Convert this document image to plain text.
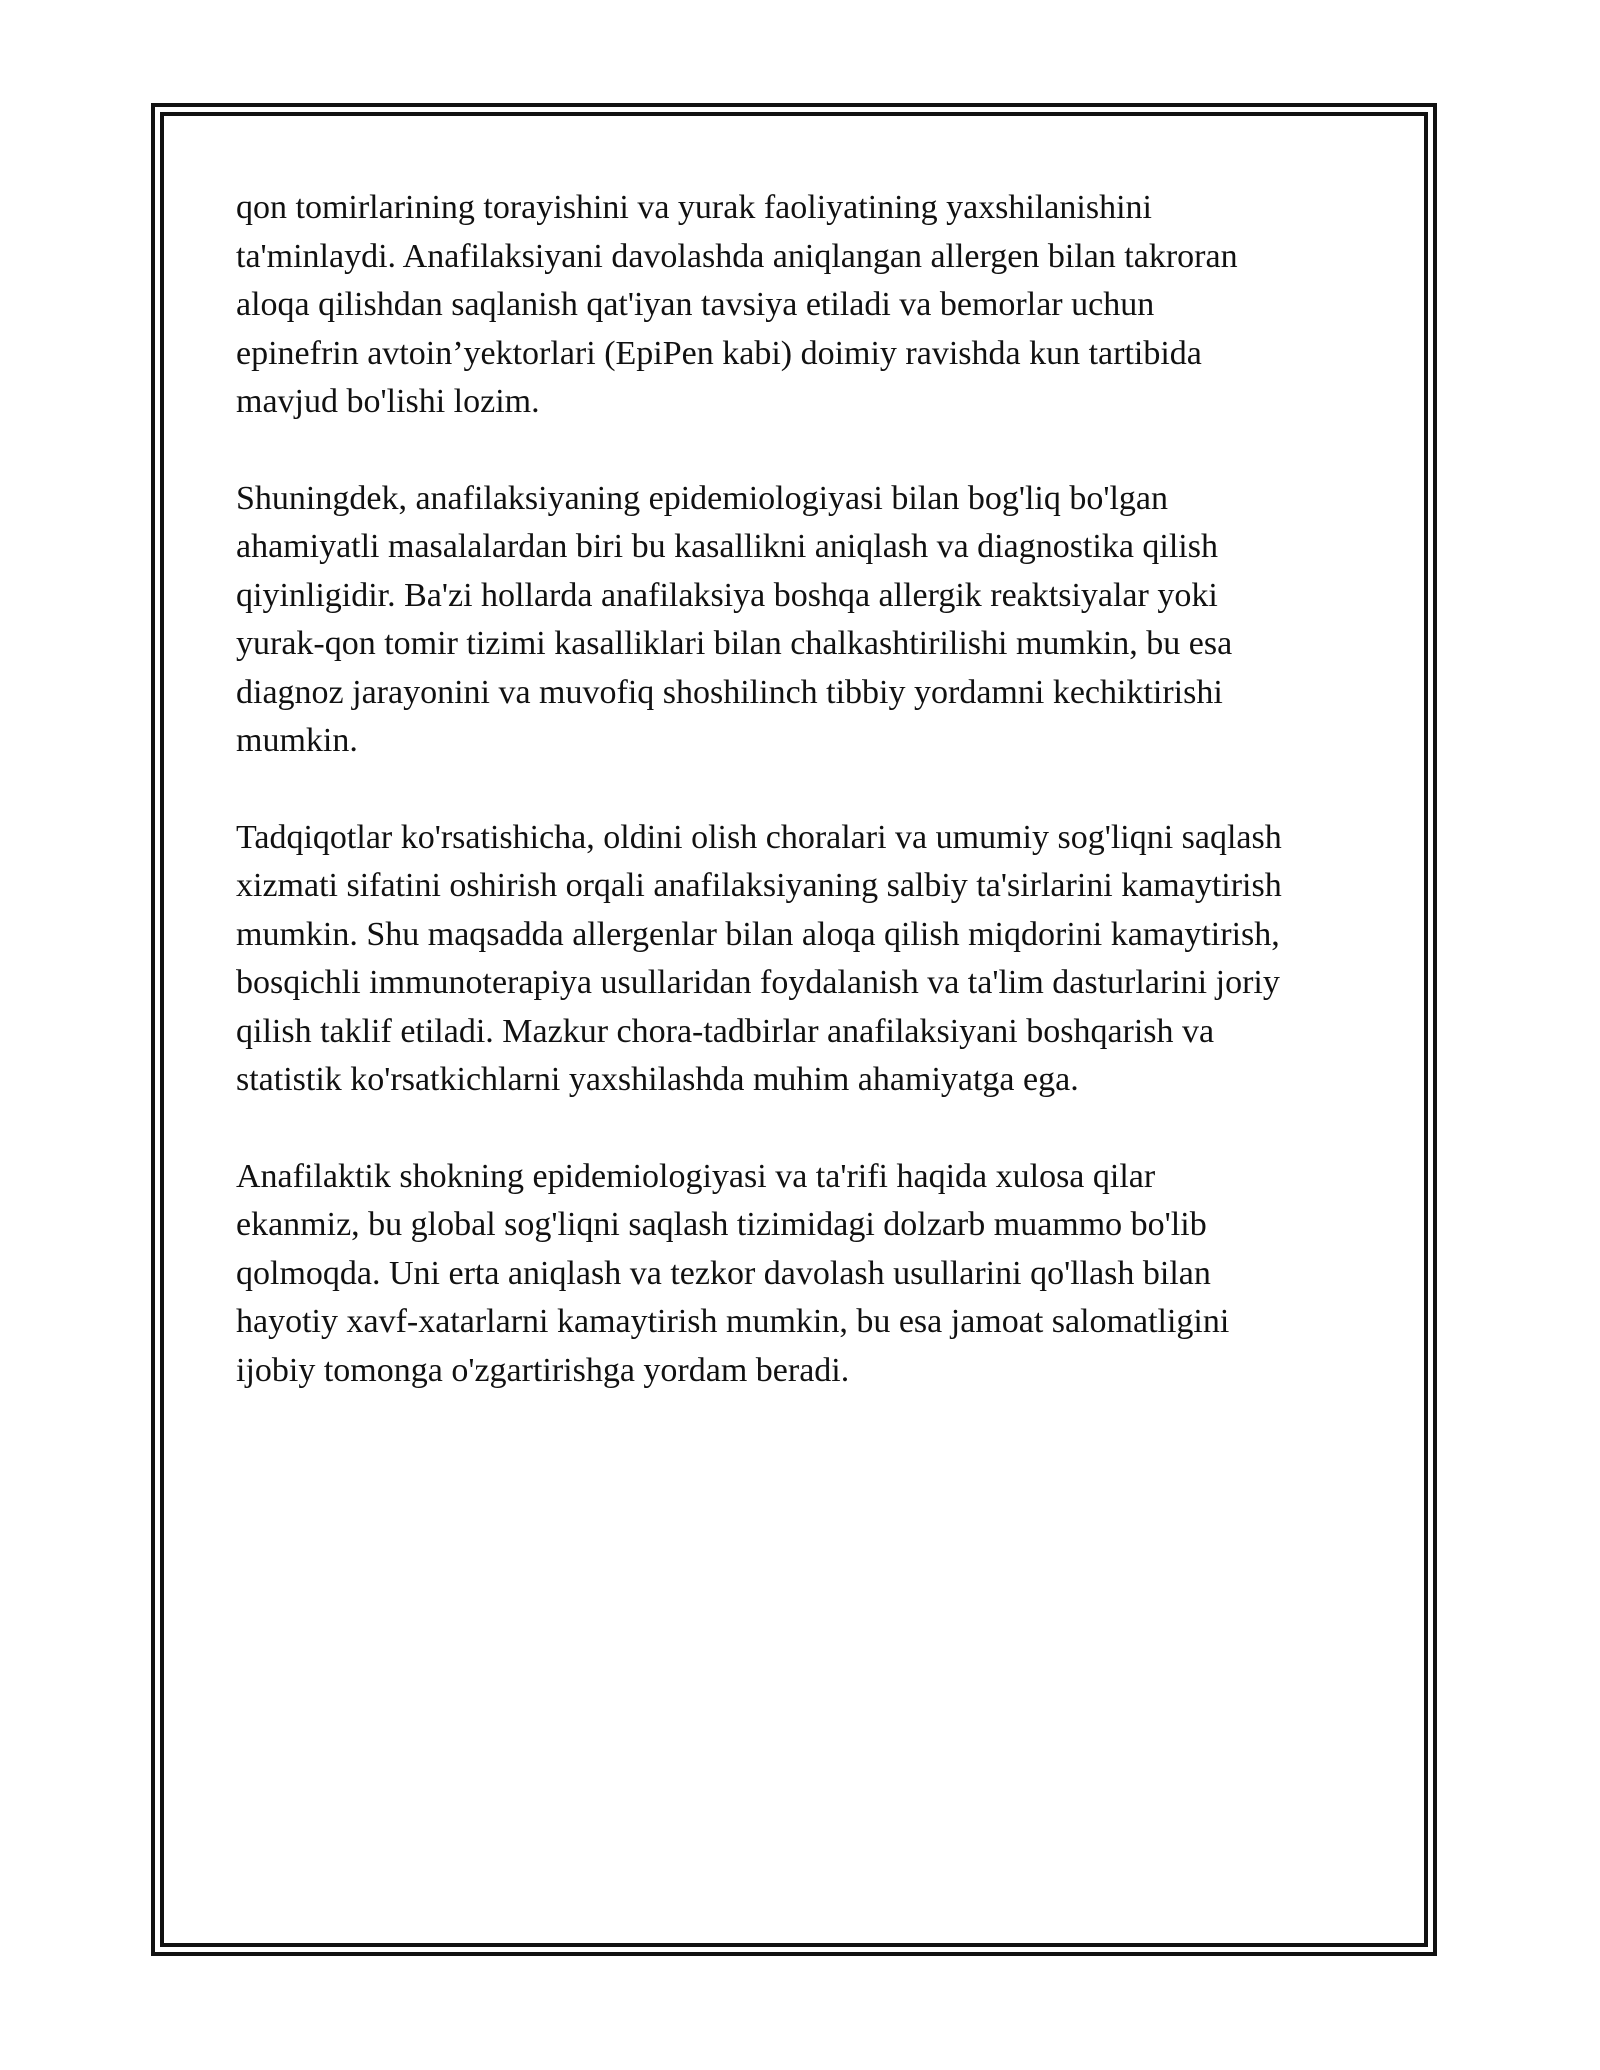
qon tomirlarining torayishini va yurak faoliyatining yaxshilanishini
ta'minlaydi. Anafilaksiyani davolashda aniqlangan allergen bilan takroran
aloqa qilishdan saqlanish qat'iyan tavsiya etiladi va bemorlar uchun
epinefrin avtoin’yektorlari (EpiPen kabi) doimiy ravishda kun tartibida
mavjud bo'lishi lozim.

Shuningdek, anafilaksiyaning epidemiologiyasi bilan bog'liq bo'lgan
ahamiyatli masalalardan biri bu kasallikni aniqlash va diagnostika qilish
qiyinligidir. Ba'zi hollarda anafilaksiya boshqa allergik reaktsiyalar yoki
yurak-qon tomir tizimi kasalliklari bilan chalkashtirilishi mumkin, bu esa
diagnoz jarayonini va muvofiq shoshilinch tibbiy yordamni kechiktirishi
mumkin.

Tadqiqotlar ko'rsatishicha, oldini olish choralari va umumiy sog'liqni saqlash
xizmati sifatini oshirish orqali anafilaksiyaning salbiy ta'sirlarini kamaytirish
mumkin. Shu maqsadda allergenlar bilan aloqa qilish miqdorini kamaytirish,
bosqichli immunoterapiya usullaridan foydalanish va ta'lim dasturlarini joriy
qilish taklif etiladi. Mazkur chora-tadbirlar anafilaksiyani boshqarish va
statistik ko'rsatkichlarni yaxshilashda muhim ahamiyatga ega.

Anafilaktik shokning epidemiologiyasi va ta'rifi haqida xulosa qilar
ekanmiz, bu global sog'liqni saqlash tizimidagi dolzarb muammo bo'lib
qolmoqda. Uni erta aniqlash va tezkor davolash usullarini qo'llash bilan
hayotiy xavf-xatarlarni kamaytirish mumkin, bu esa jamoat salomatligini
ijobiy tomonga o'zgartirishga yordam beradi.
